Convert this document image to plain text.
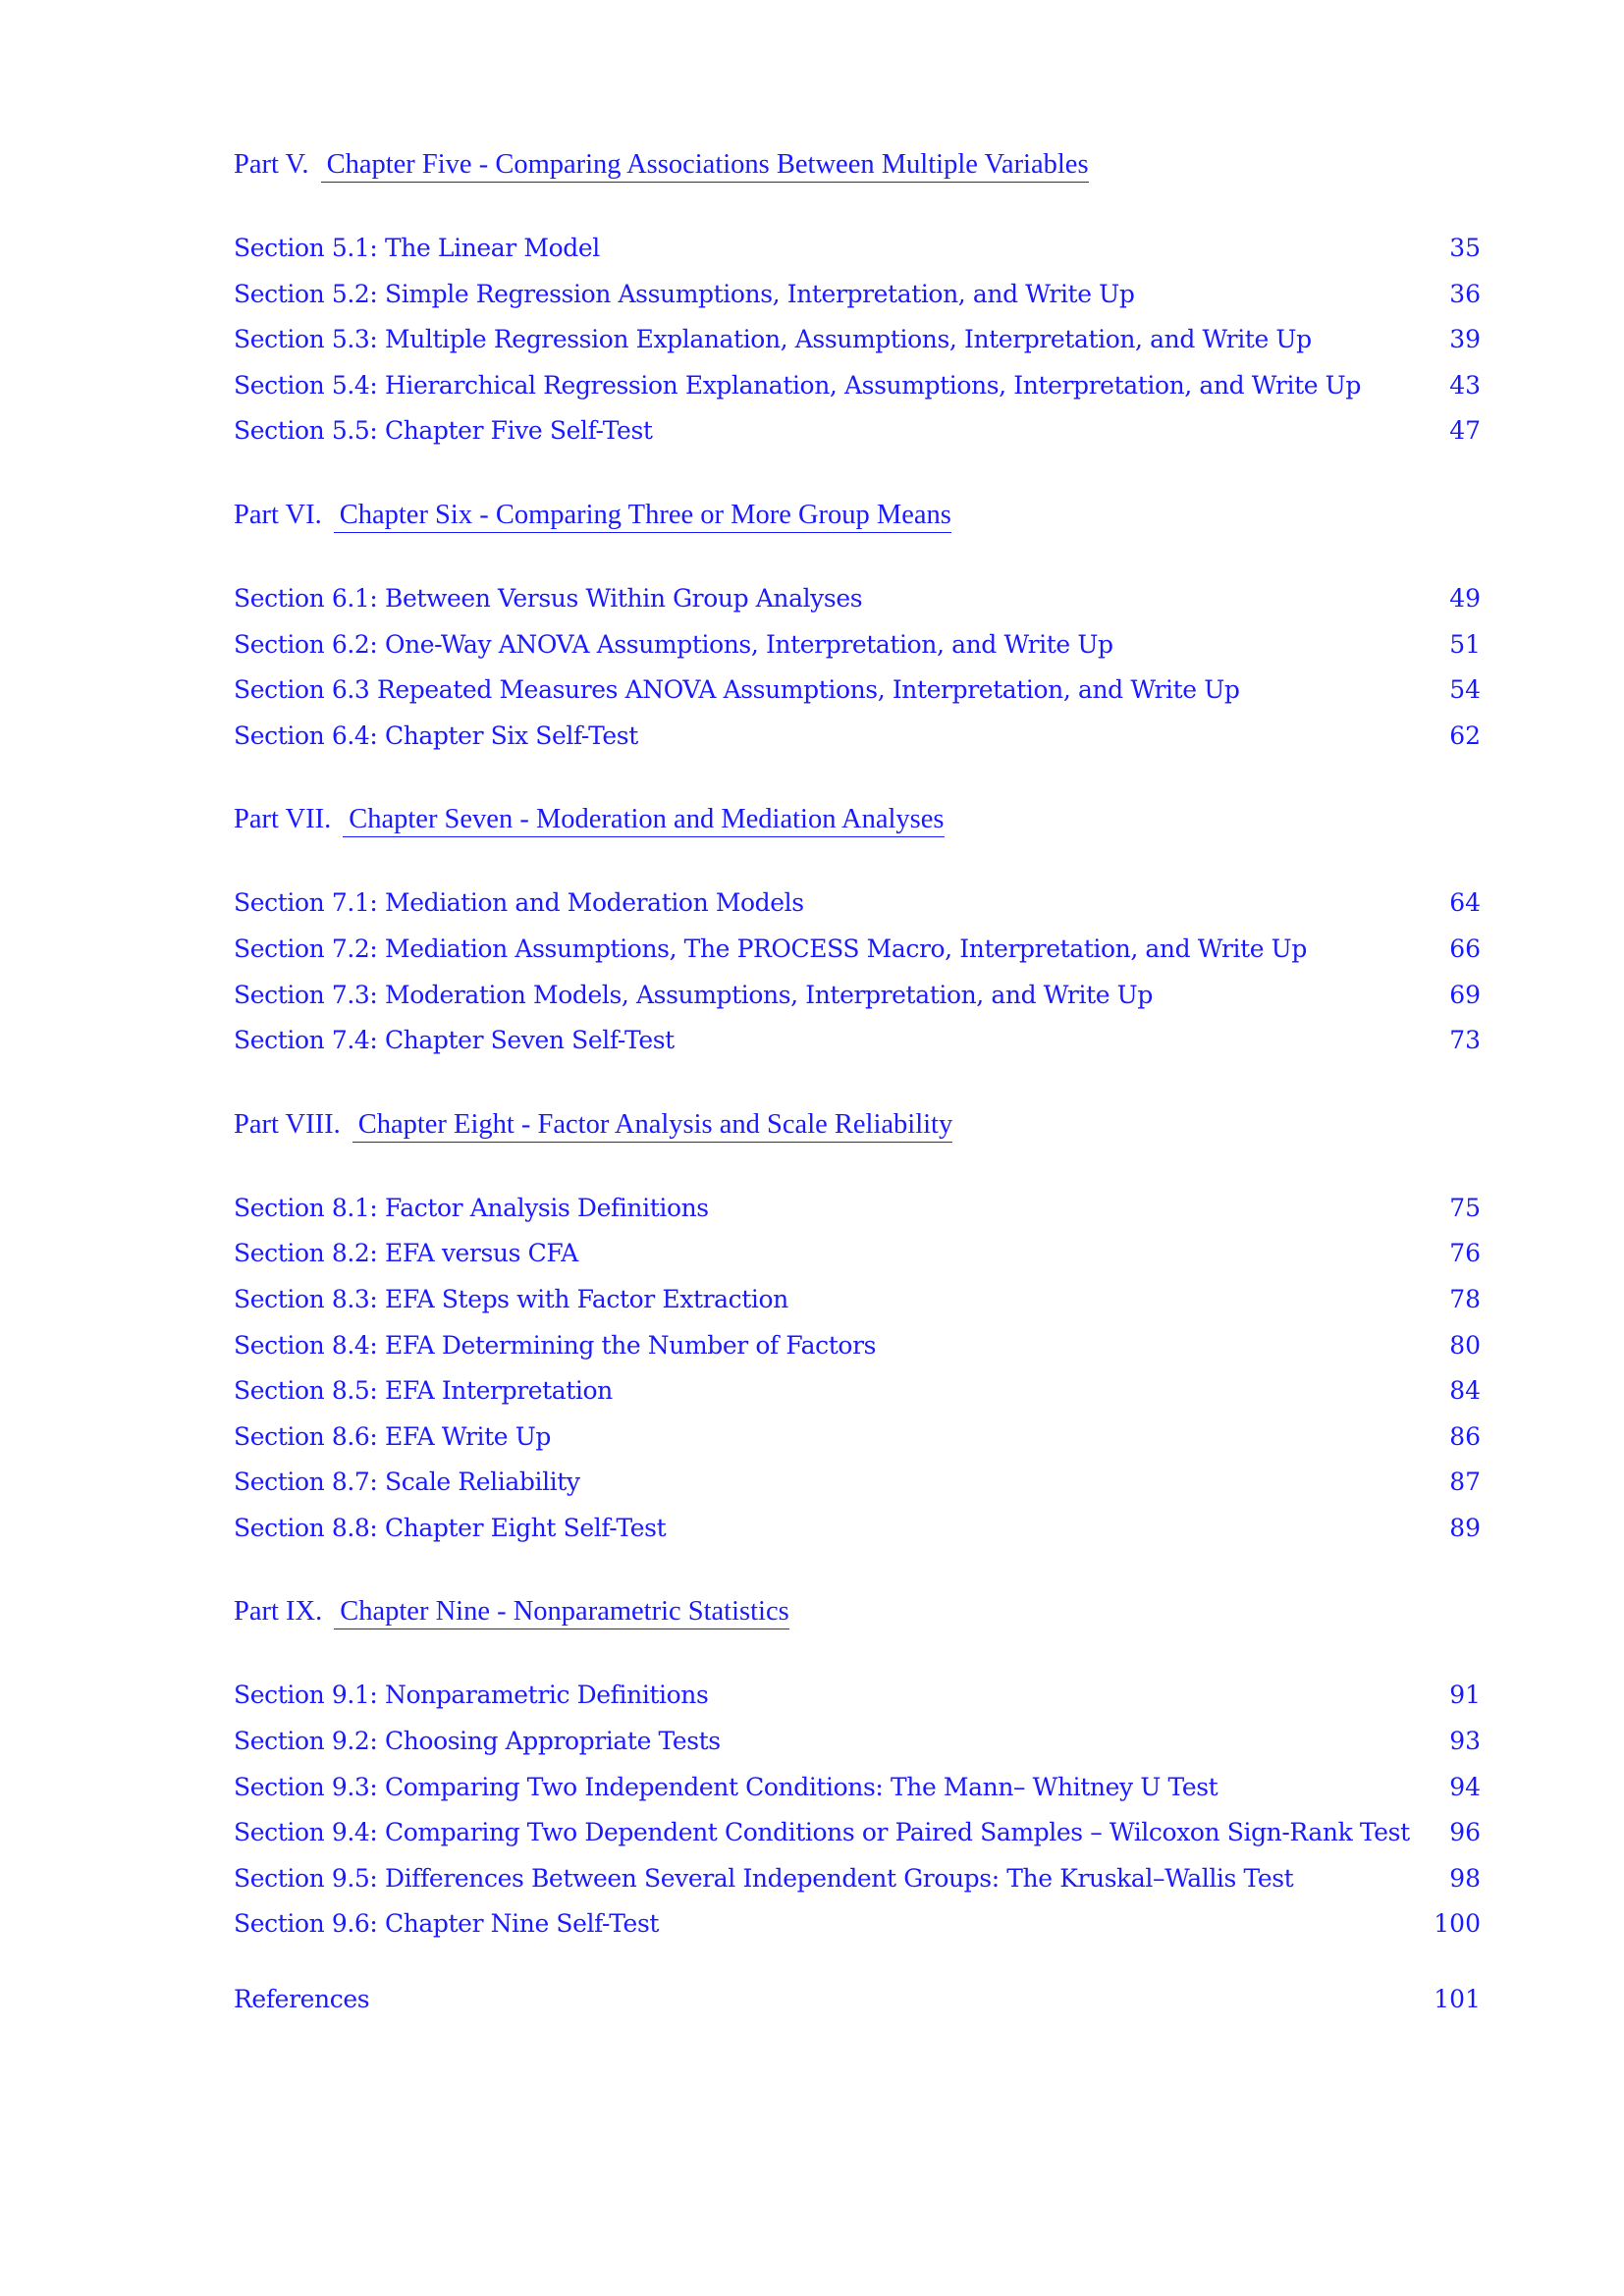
Part V. Chapter Five - Comparing Associations Between Multiple Variables
Section 5.1: The Linear Model	35
Section 5.2: Simple Regression Assumptions, Interpretation, and Write Up	36
Section 5.3: Multiple Regression Explanation, Assumptions, Interpretation, and Write Up	39
Section 5.4: Hierarchical Regression Explanation, Assumptions, Interpretation, and Write Up	43
Section 5.5: Chapter Five Self-Test	47
Part VI. Chapter Six - Comparing Three or More Group Means
Section 6.1: Between Versus Within Group Analyses	49
Section 6.2: One-Way ANOVA Assumptions, Interpretation, and Write Up	51
Section 6.3 Repeated Measures ANOVA Assumptions, Interpretation, and Write Up	54
Section 6.4: Chapter Six Self-Test	62
Part VII. Chapter Seven - Moderation and Mediation Analyses
Section 7.1: Mediation and Moderation Models	64
Section 7.2: Mediation Assumptions, The PROCESS Macro, Interpretation, and Write Up	66
Section 7.3: Moderation Models, Assumptions, Interpretation, and Write Up	69
Section 7.4: Chapter Seven Self-Test	73
Part VIII. Chapter Eight - Factor Analysis and Scale Reliability
Section 8.1: Factor Analysis Definitions	75
Section 8.2: EFA versus CFA	76
Section 8.3: EFA Steps with Factor Extraction	78
Section 8.4: EFA Determining the Number of Factors	80
Section 8.5: EFA Interpretation	84
Section 8.6: EFA Write Up	86
Section 8.7: Scale Reliability	87
Section 8.8: Chapter Eight Self-Test	89
Part IX. Chapter Nine - Nonparametric Statistics
Section 9.1: Nonparametric Definitions	91
Section 9.2: Choosing Appropriate Tests	93
Section 9.3: Comparing Two Independent Conditions: The Mann– Whitney U Test	94
Section 9.4: Comparing Two Dependent Conditions or Paired Samples – Wilcoxon Sign-Rank Test	96
Section 9.5: Differences Between Several Independent Groups: The Kruskal–Wallis Test	98
Section 9.6: Chapter Nine Self-Test	100
References	101
